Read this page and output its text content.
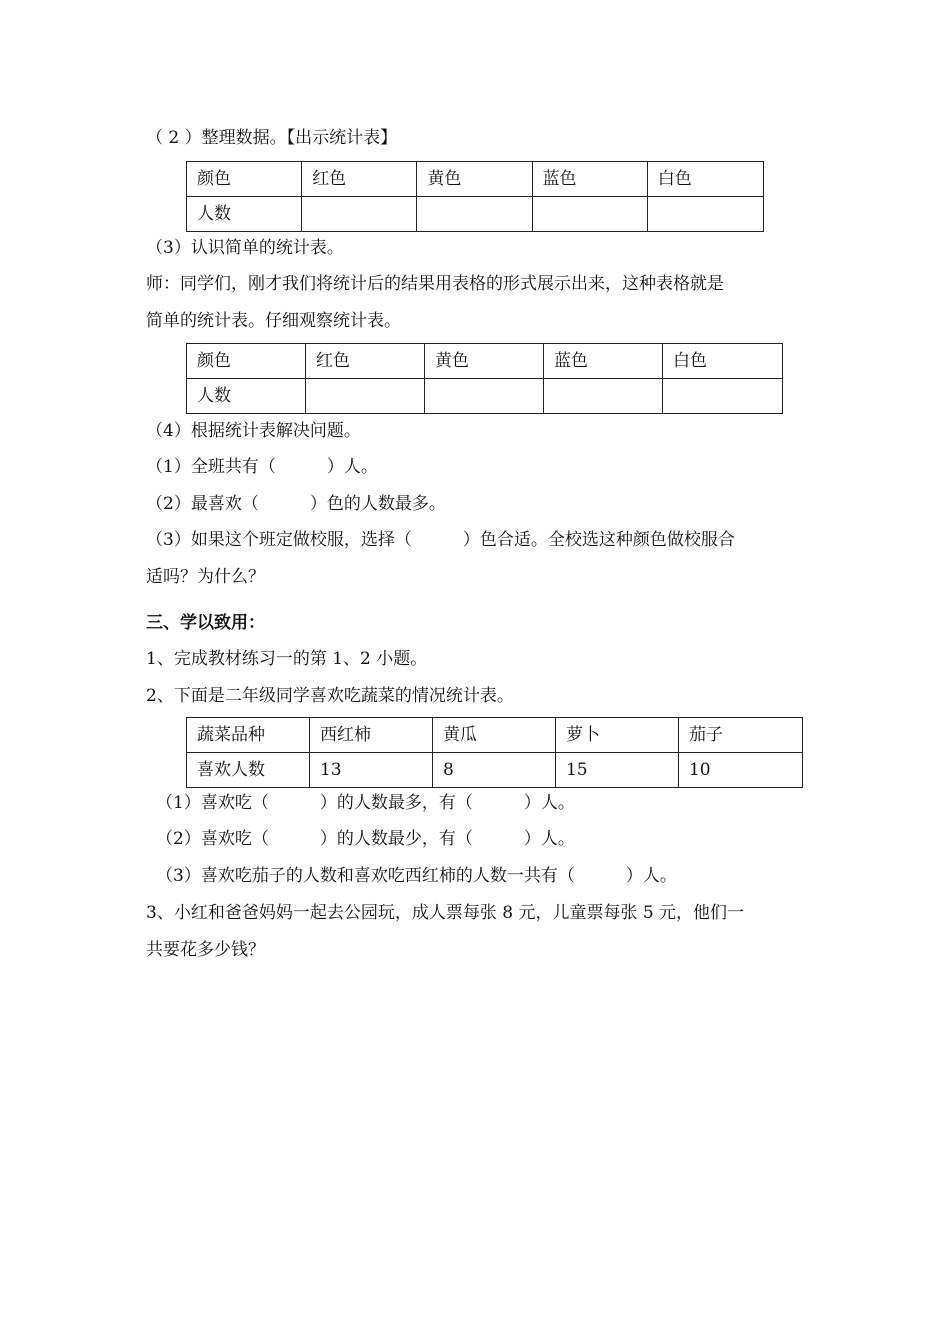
（ 2 ）整理数据。【出示统计表】
颜色	红色	黄色	蓝色	白色
人数				
（3）认识简单的统计表。
师：同学们，刚才我们将统计后的结果用表格的形式展示出来，这种表格就是
简单的统计表。仔细观察统计表。
颜色	红色	黄色	蓝色	白色
人数				
（4）根据统计表解决问题。
（1）全班共有（　　　）人。
（2）最喜欢（　　　）色的人数最多。
（3）如果这个班定做校服，选择（　　　）色合适。全校选这种颜色做校服合
适吗？为什么？
三、学以致用：
1、完成教材练习一的第 1、2 小题。
2、下面是二年级同学喜欢吃蔬菜的情况统计表。
蔬菜品种	西红柿	黄瓜	萝卜	茄子
喜欢人数	13	8	15	10
（1）喜欢吃（　　　）的人数最多，有（　　　）人。
（2）喜欢吃（　　　）的人数最少，有（　　　）人。
（3）喜欢吃茄子的人数和喜欢吃西红柿的人数一共有（　　　）人。
3、小红和爸爸妈妈一起去公园玩，成人票每张 8 元，儿童票每张 5 元，他们一
共要花多少钱？
